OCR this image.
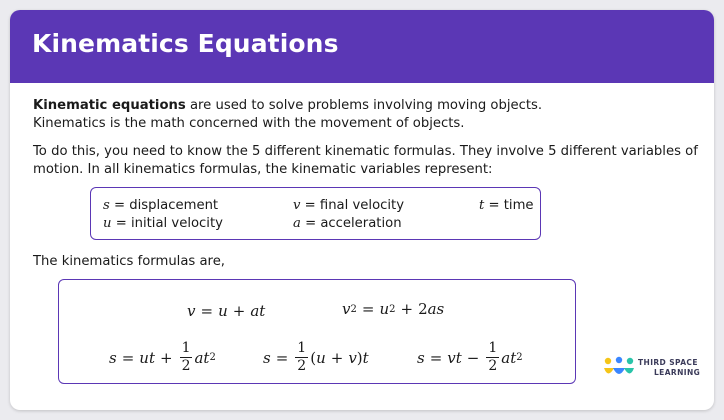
Kinematics Equations
Kinematic equations are used to solve problems involving moving objects.
Kinematics is the math concerned with the movement of objects.
To do this, you need to know the 5 different kinematic formulas. They involve 5 different variables of motion. In all kinematics formulas, the kinematic variables represent:
s = displacement	v = final velocity	t = time
u = initial velocity	a = acceleration
The kinematics formulas are,
v = u + at	v 2 = u 2 + 2 as
s = ut + $\frac{1}{2}$ at 2	$s = \frac{1}{2}$ ( u + v ) t	s = vt − $\frac{1}{2}$ at 2	THIRD SPACE
LEARNING
